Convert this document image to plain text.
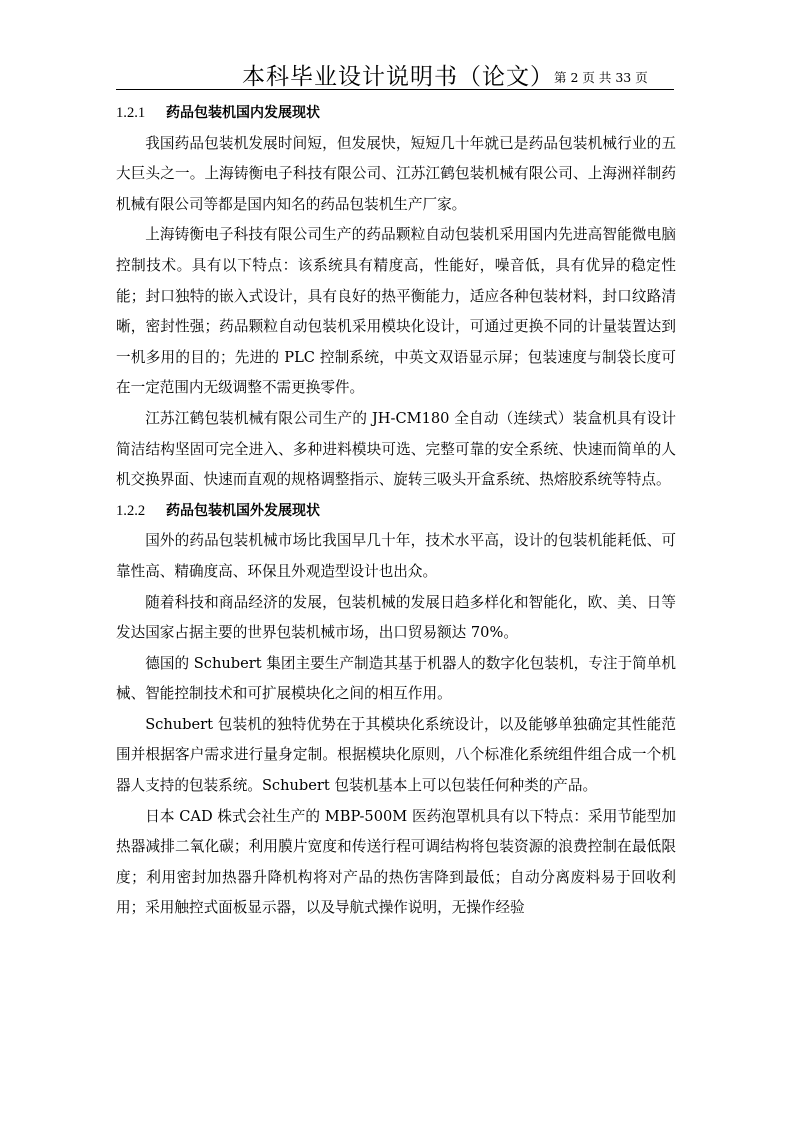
本科毕业设计说明书（论文） 第 2 页 共 33 页
1.2.1 药品包装机国内发展现状

我国药品包装机发展时间短，但发展快，短短几十年就已是药品包装机械行业的五大巨头之一。上海铸衡电子科技有限公司、江苏江鹤包装机械有限公司、上海洲祥制药机械有限公司等都是国内知名的药品包装机生产厂家。

上海铸衡电子科技有限公司生产的药品颗粒自动包装机采用国内先进高智能微电脑控制技术。具有以下特点：该系统具有精度高，性能好，噪音低，具有优异的稳定性能；封口独特的嵌入式设计，具有良好的热平衡能力，适应各种包装材料，封口纹路清晰，密封性强；药品颗粒自动包装机采用模块化设计，可通过更换不同的计量装置达到一机多用的目的；先进的 PLC 控制系统，中英文双语显示屏；包装速度与制袋长度可在一定范围内无级调整不需更换零件。

江苏江鹤包装机械有限公司生产的 JH-CM180 全自动（连续式）装盒机具有设计简洁结构坚固可完全进入、多种进料模块可选、完整可靠的安全系统、快速而简单的人机交换界面、快速而直观的规格调整指示、旋转三吸头开盒系统、热熔胶系统等特点。

1.2.2 药品包装机国外发展现状

国外的药品包装机械市场比我国早几十年，技术水平高，设计的包装机能耗低、可靠性高、精确度高、环保且外观造型设计也出众。

随着科技和商品经济的发展，包装机械的发展日趋多样化和智能化，欧、美、日等发达国家占据主要的世界包装机械市场，出口贸易额达 70%。

德国的 Schubert 集团主要生产制造其基于机器人的数字化包装机，专注于简单机械、智能控制技术和可扩展模块化之间的相互作用。

Schubert 包装机的独特优势在于其模块化系统设计，以及能够单独确定其性能范围并根据客户需求进行量身定制。根据模块化原则，八个标准化系统组件组合成一个机器人支持的包装系统。Schubert 包装机基本上可以包装任何种类的产品。

日本 CAD 株式会社生产的 MBP-500M 医药泡罩机具有以下特点：采用节能型加热器减排二氧化碳；利用膜片宽度和传送行程可调结构将包装资源的浪费控制在最低限度；利用密封加热器升降机构将对产品的热伤害降到最低；自动分离废料易于回收利用；采用触控式面板显示器，以及导航式操作说明，无操作经验
